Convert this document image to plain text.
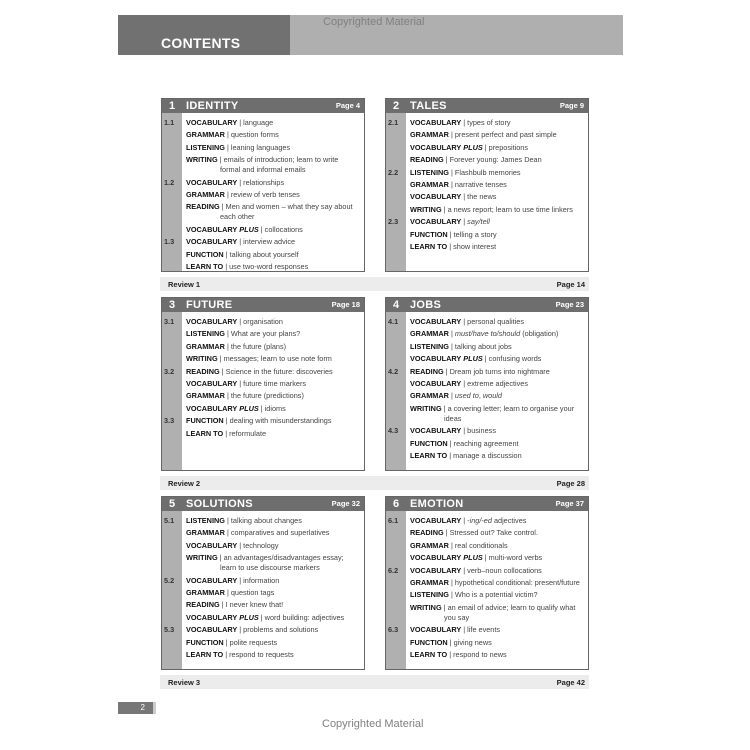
CONTENTS
Copyrighted Material
1 IDENTITY	Page 4
1.1	VOCABULARY | language
GRAMMAR | question forms
LISTENING | leaning languages
WRITING | emails of introduction; learn to write formal and informal emails
1.2	VOCABULARY | relationships
GRAMMAR | review of verb tenses
READING | Men and women – what they say about each other
VOCABULARY PLUS | collocations
1.3	VOCABULARY | interview advice
FUNCTION | talking about yourself
LEARN TO | use two-word responses
2 TALES	Page 9
2.1	VOCABULARY | types of story
GRAMMAR | present perfect and past simple
VOCABULARY PLUS | prepositions
READING | Forever young: James Dean
2.2	LISTENING | Flashbulb memories
GRAMMAR | narrative tenses
VOCABULARY | the news
WRITING | a news report; learn to use time linkers
2.3	VOCABULARY | say/tell
FUNCTION | telling a story
LEARN TO | show interest
3 FUTURE	Page 18
3.1	VOCABULARY | organisation
LISTENING | What are your plans?
GRAMMAR | the future (plans)
WRITING | messages; learn to use note form
3.2	READING | Science in the future: discoveries
VOCABULARY | future time markers
GRAMMAR | the future (predictions)
VOCABULARY PLUS | idioms
3.3	FUNCTION | dealing with misunderstandings
LEARN TO | reformulate
4 JOBS	Page 23
4.1	VOCABULARY | personal qualities
GRAMMAR | must/have to/should (obligation)
LISTENING | talking about jobs
VOCABULARY PLUS | confusing words
4.2	READING | Dream job turns into nightmare
VOCABULARY | extreme adjectives
GRAMMAR | used to, would
WRITING | a covering letter; learn to organise your ideas
4.3	VOCABULARY | business
FUNCTION | reaching agreement
LEARN TO | manage a discussion
5 SOLUTIONS	Page 32
5.1	LISTENING | talking about changes
GRAMMAR | comparatives and superlatives
VOCABULARY | technology
WRITING | an advantages/disadvantages essay; learn to use discourse markers
5.2	VOCABULARY | information
GRAMMAR | question tags
READING | I never knew that!
VOCABULARY PLUS | word building: adjectives
5.3	VOCABULARY | problems and solutions
FUNCTION | polite requests
LEARN TO | respond to requests
6 EMOTION	Page 37
6.1	VOCABULARY | -ing/-ed adjectives
READING | Stressed out? Take control.
GRAMMAR | real conditionals
VOCABULARY PLUS | multi-word verbs
6.2	VOCABULARY | verb–noun collocations
GRAMMAR | hypothetical conditional: present/future
LISTENING | Who is a potential victim?
WRITING | an email of advice; learn to qualify what you say
6.3	VOCABULARY | life events
FUNCTION | giving news
LEARN TO | respond to news
Review 1	Page 14
Review 2	Page 28
Review 3	Page 42
2
Copyrighted Material
